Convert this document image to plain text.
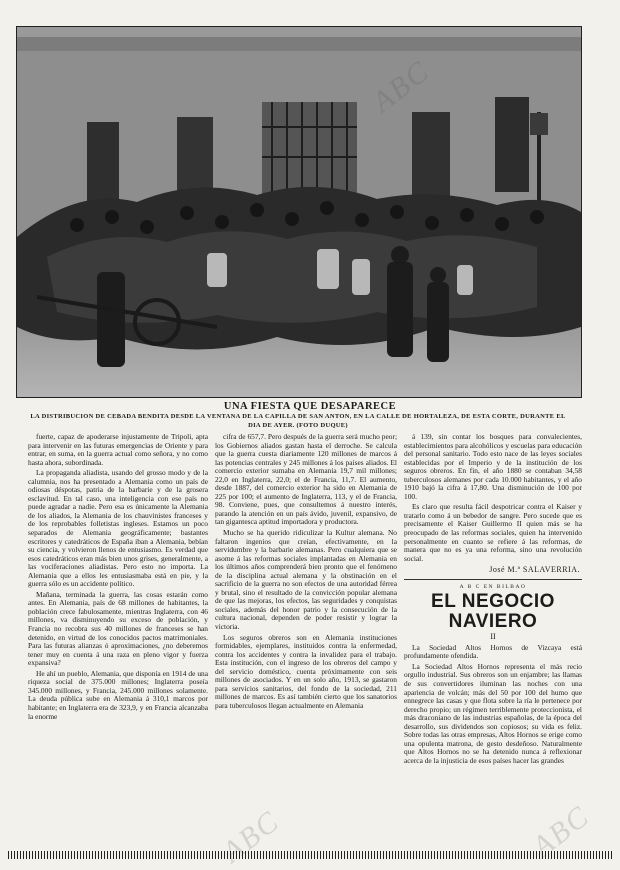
UNA FIESTA QUE DESAPARECE
LA DISTRIBUCION DE CEBADA BENDITA DESDE LA VENTANA DE LA CAPILLA DE SAN ANTON, EN LA CALLE DE HORTALEZA, DE ESTA CORTE, DURANTE EL DIA DE AYER. (FOTO DUQUE)

fuerte, capaz de apoderarse injustamente de Tripoli, apta para intervenir en las futuras emergencias de Oriente y para entrar, en suma, en la guerra actual como señora, y no como hasta ahora, subordinada.

La propaganda aliadista, usando del grosso modo y de la calumnia, nos ha presentado a Alemania como un país de odiosas déspotas, patria de la barbarie y de la grosera esclavitud. En tal caso, una inteligencia con ese país no puede agradar a nadie. Pero esa es únicamente la Alemania de los aliados, la Alemania de los chauvinistes franceses y de los reprobables folletistas ingleses. Estamos un poco separados de Alemania geográficamente; bastantes escritores y catedráticos de España iban a Alemania, bebían su ciencia, y volvieron llenos de entusiasmo. Es verdad que esos catedráticos eran más bien unos grises, generalmente, a las vociferaciones aliadistas. Pero esto no importa. La Alemania que a ellos les entusiasmaba está en pie, y la guerra sólo es un accidente político.

Mañana, terminada la guerra, las cosas estarán como antes. En Alemania, país de 68 millones de habitantes, la población crece fabulosamente, mientras Inglaterra, con 46 millones, va disminuyendo su exceso de población, y Francia no recobra sus 40 millones de franceses se han detenido, en virtud de los conocidos pactos matrimoniales. Para las futuras alianzas ó aproximaciones, ¿no deberemos tener muy en cuenta á una raza en pleno vigor y fuerza expansiva?

He ahí un pueblo, Alemania, que disponía en 1914 de una riqueza social de 375.000 millones; Inglaterra poseía 345.000 millones, y Francia, 245.000 millones solamente. La deuda pública sube en Alemania á 310,1 marcos por habitante; en Inglaterra era de 323,9, y en Francia alcanzaba la enorme

cifra de 657,7. Pero después de la guerra será mucho peor; los Gobiernos aliados gastan hasta el derroche. Se calcula que la guerra cuesta diariamente 120 millones de marcos á las potencias centrales y 245 millones á los países aliados. El comercio exterior sumaba en Alemania 19,7 mil millones; 22,0 en Inglaterra, 22,0; el de Francia, 11,7. El aumento, desde 1887, del comercio exterior ha sido en Alemania de 225 por 100; el aumento de Inglaterra, 113, y el de Francia, 98. Conviene, pues, que consultemos á nuestro interés, parando la atención en un país ávido, juvenil, expansivo, de tan gigantesca aptitud importadora y productora.

Mucho se ha querido ridiculizar la Kultur alemana. No faltaron ingenios que creían, efectivamente, en la servidumbre y la barbarie alemanas. Pero cualquiera que se asome á las reformas sociales implantadas en Alemania en los últimos años comprenderá bien pronto que el fenómeno de la disciplina actual alemana y la obstinación en el sacrificio de la guerra no son efectos de una autoridad férrea y brutal, sino el resultado de la convicción popular alemana de que las mejoras, los efectos, las seguridades y conquistas sociales, además del honor patrio y la consecución de la cultura nacional, dependen de poder resistir y lograr la victoria.

Los seguros obreros son en Alemania instituciones formidables, ejemplares, instituidos contra la enfermedad, contra los accidentes y contra la invalidez para el trabajo. Esta institución, con el ingreso de los obreros del campo y del servicio doméstico, cuenta próximamente con seis millones de asociados. Y en un solo año, 1913, se gastaron para servicios sanitarios, del fondo de la sociedad, 211 millones de marcos. Es así también cierto que los sanatorios para tuberculosos llegan actualmente en Alemania

á 139, sin contar los bosques para convalecientes, establecimientos para alcohólicos y escuelas para educación del personal sanitario. Todo esto nace de las leyes sociales establecidas por el Imperio y de la institución de los seguros obreros. En fin, el año 1880 se contaban 34,58 tuberculosos alemanes por cada 10.000 habitantes, y el año 1910 bajó la cifra á 17,80. Una disminución de 100 por 100.

Es claro que resulta fácil despotricar contra el Kaiser y tratarlo como á un bebedor de sangre. Pero sucede que es precisamente el Kaiser Guillermo II quien más se ha preocupado de las reformas sociales, quien ha intervenido personalmente en cuanto se refiere á las reformas, de manera que no es ya una reforma, sino una revolución social.

José M.ª SALAVERRIA.
A B C EN BILBAO
EL NEGOCIO NAVIERO
II

La Sociedad Altos Hornos de Vizcaya está profundamente ofendida.

La Sociedad Altos Hornos representa el más recio orgullo industrial. Sus obreros son un enjambre; las llamas de sus convertidores iluminan las noches con una apariencia de volcán; más del 50 por 100 del humo que ennegrece las casas y que flota sobre la ría le pertenece por derecho propio; un régimen terriblemente proteccionista, el más draconiano de las industrias españolas, de la época del desarrollo, sus dividendos son copiosos; su vida es feliz. Sobre todas las otras empresas, Altos Hornos se erige como una opulenta matrona, de gesto desdeñoso. Naturalmente que Altos Hornos no se ha detenido nunca á reflexionar acerca de la injusticia de esos países hacer las grandes

ABC	ABC
